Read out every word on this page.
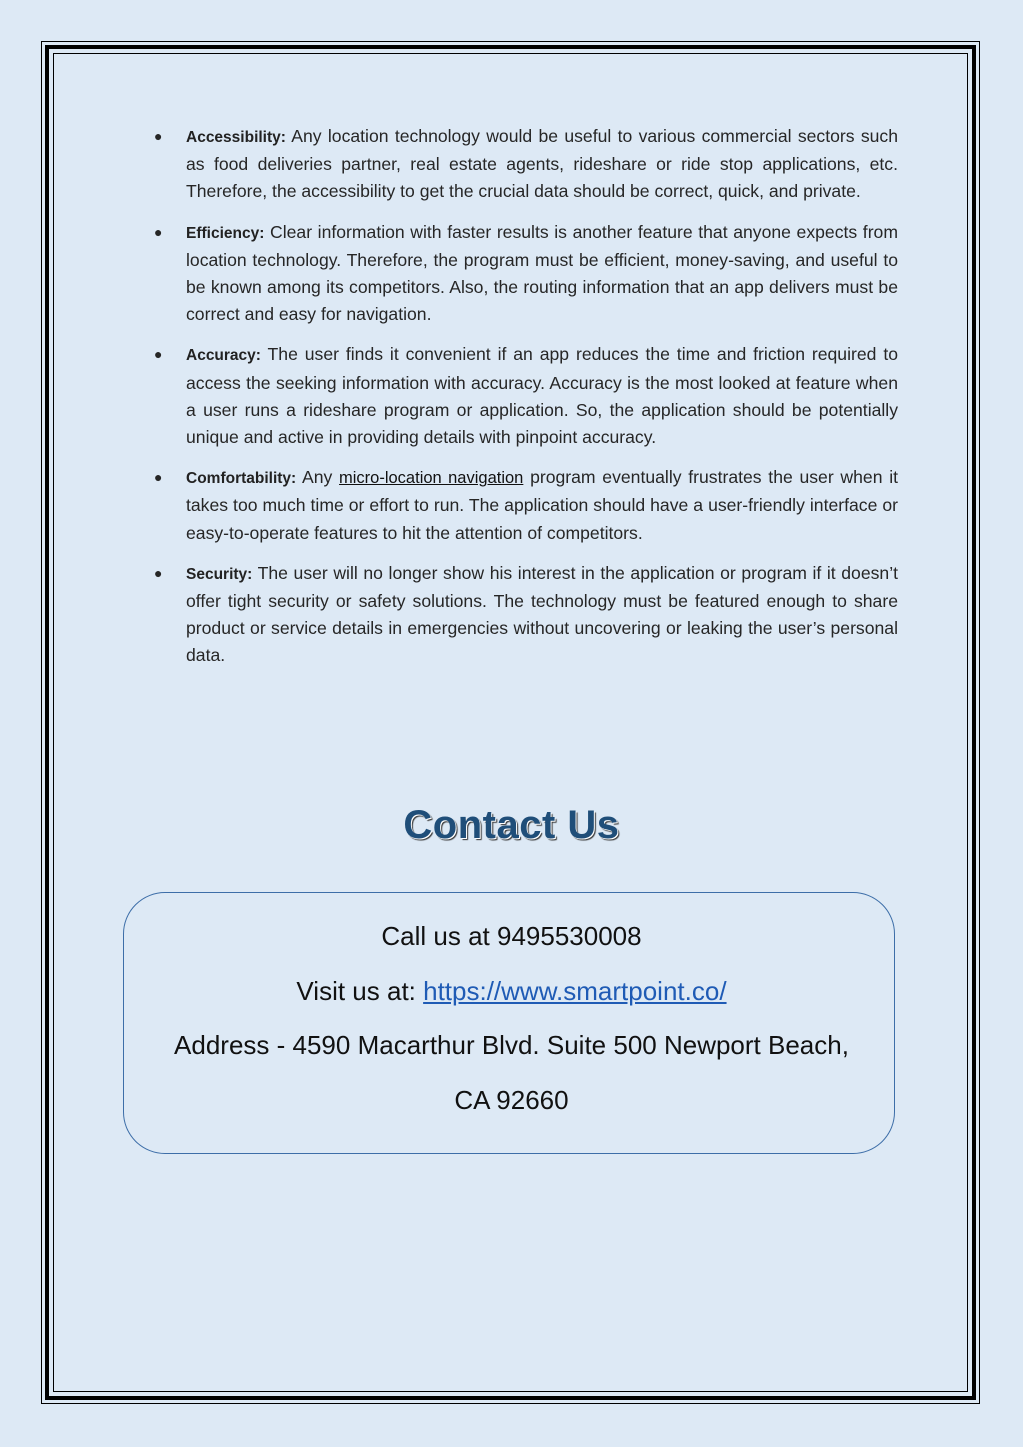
● Accessibility: Any location technology would be useful to various commercial sectors such as food deliveries partner, real estate agents, rideshare or ride stop applications, etc. Therefore, the accessibility to get the crucial data should be correct, quick, and private.
● Efficiency: Clear information with faster results is another feature that anyone expects from location technology. Therefore, the program must be efficient, money-saving, and useful to be known among its competitors. Also, the routing information that an app delivers must be correct and easy for navigation.
● Accuracy: The user finds it convenient if an app reduces the time and friction required to access the seeking information with accuracy. Accuracy is the most looked at feature when a user runs a rideshare program or application. So, the application should be potentially unique and active in providing details with pinpoint accuracy.
● Comfortability: Any micro-location navigation program eventually frustrates the user when it takes too much time or effort to run. The application should have a user-friendly interface or easy-to-operate features to hit the attention of competitors.
● Security: The user will no longer show his interest in the application or program if it doesn’t offer tight security or safety solutions. The technology must be featured enough to share product or service details in emergencies without uncovering or leaking the user’s personal data.
Contact Us
Call us at 9495530008
Visit us at: https://www.smartpoint.co/
Address - 4590 Macarthur Blvd. Suite 500 Newport Beach,
CA 92660
